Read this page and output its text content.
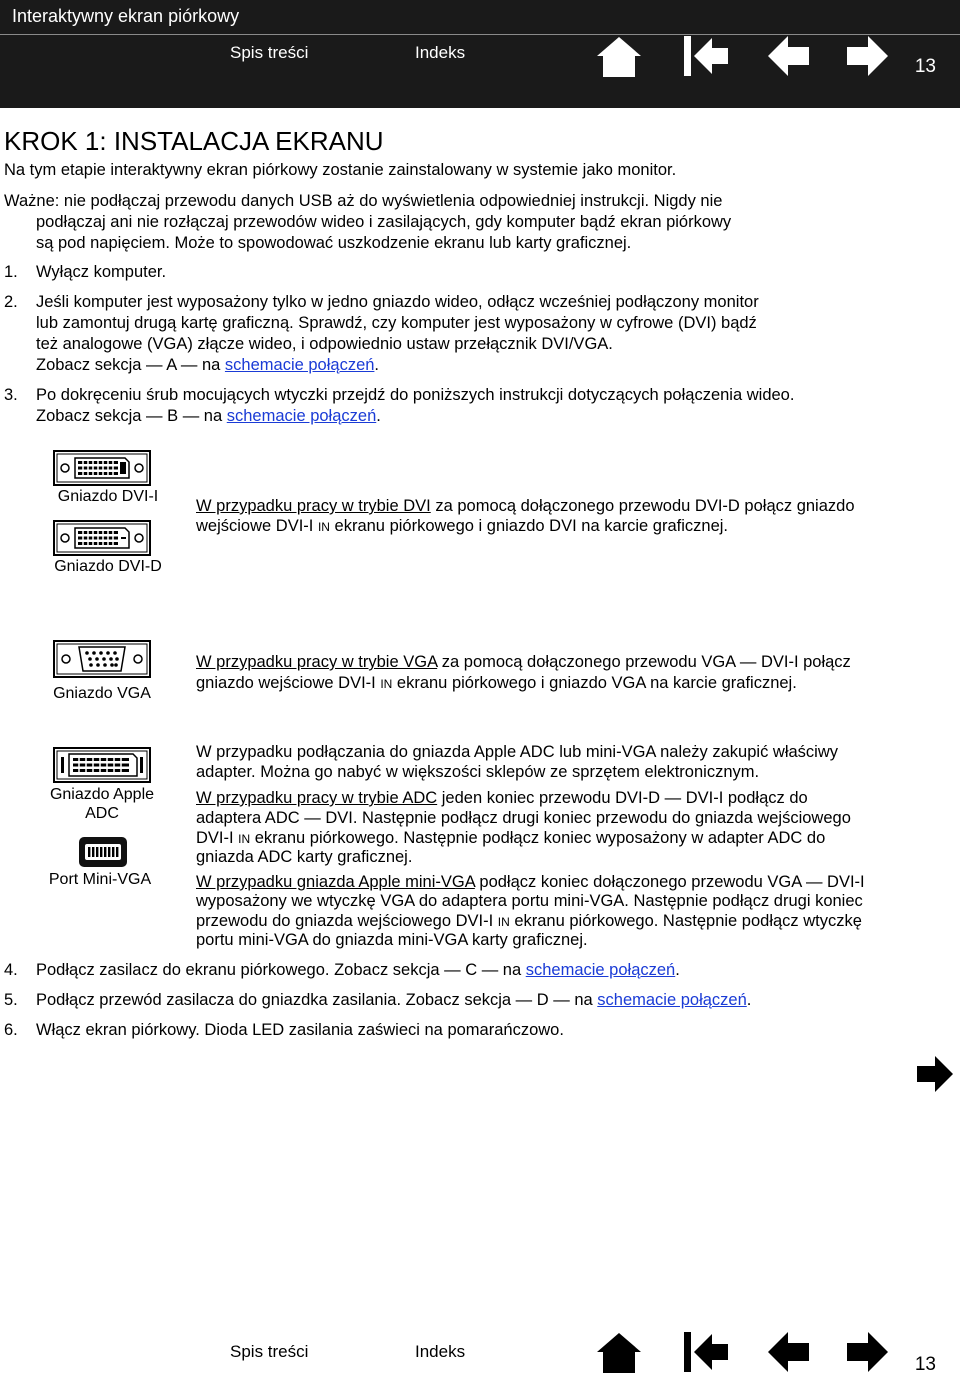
Interaktywny ekran piórkowy
Spis treści	Indeks
13
KROK 1: INSTALACJA EKRANU
Na tym etapie interaktywny ekran piórkowy zostanie zainstalowany w systemie jako monitor.
Ważne: nie podłączaj przewodu danych USB aż do wyświetlenia odpowiedniej instrukcji. Nigdy nie
podłączaj ani nie rozłączaj przewodów wideo i zasilających, gdy komputer bądź ekran piórkowy
są pod napięciem. Może to spowodować uszkodzenie ekranu lub karty graficznej.
1. Wyłącz komputer.
2. Jeśli komputer jest wyposażony tylko w jedno gniazdo wideo, odłącz wcześniej podłączony monitor
lub zamontuj drugą kartę graficzną. Sprawdź, czy komputer jest wyposażony w cyfrowe (DVI) bądź
też analogowe (VGA) złącze wideo, i odpowiednio ustaw przełącznik DVI/VGA.
Zobacz sekcja — A — na schemacie połączeń.
3. Po dokręceniu śrub mocujących wtyczki przejdź do poniższych instrukcji dotyczących połączenia wideo.
Zobacz sekcja — B — na schemacie połączeń.
Gniazdo DVI-I
Gniazdo DVI-D
W przypadku pracy w trybie DVI za pomocą dołączonego przewodu DVI-D połącz gniazdo
wejściowe DVI-I IN ekranu piórkowego i gniazdo DVI na karcie graficznej.
Gniazdo VGA
W przypadku pracy w trybie VGA za pomocą dołączonego przewodu VGA — DVI-I połącz
gniazdo wejściowe DVI-I IN ekranu piórkowego i gniazdo VGA na karcie graficznej.
Gniazdo Apple
ADC
Port Mini-VGA
W przypadku podłączania do gniazda Apple ADC lub mini-VGA należy zakupić właściwy
adapter. Można go nabyć w większości sklepów ze sprzętem elektronicznym.
W przypadku pracy w trybie ADC jeden koniec przewodu DVI-D — DVI-I podłącz do
adaptera ADC — DVI. Następnie podłącz drugi koniec przewodu do gniazda wejściowego
DVI-I IN ekranu piórkowego. Następnie podłącz koniec wyposażony w adapter ADC do
gniazda ADC karty graficznej.
W przypadku gniazda Apple mini-VGA podłącz koniec dołączonego przewodu VGA — DVI-I
wyposażony we wtyczkę VGA do adaptera portu mini-VGA. Następnie podłącz drugi koniec
przewodu do gniazda wejściowego DVI-I IN ekranu piórkowego. Następnie podłącz wtyczkę
portu mini-VGA do gniazda mini-VGA karty graficznej.
4. Podłącz zasilacz do ekranu piórkowego. Zobacz sekcja — C — na schemacie połączeń.
5. Podłącz przewód zasilacza do gniazdka zasilania. Zobacz sekcja — D — na schemacie połączeń.
6. Włącz ekran piórkowy. Dioda LED zasilania zaświeci na pomarańczowo.
Spis treści	Indeks
13
